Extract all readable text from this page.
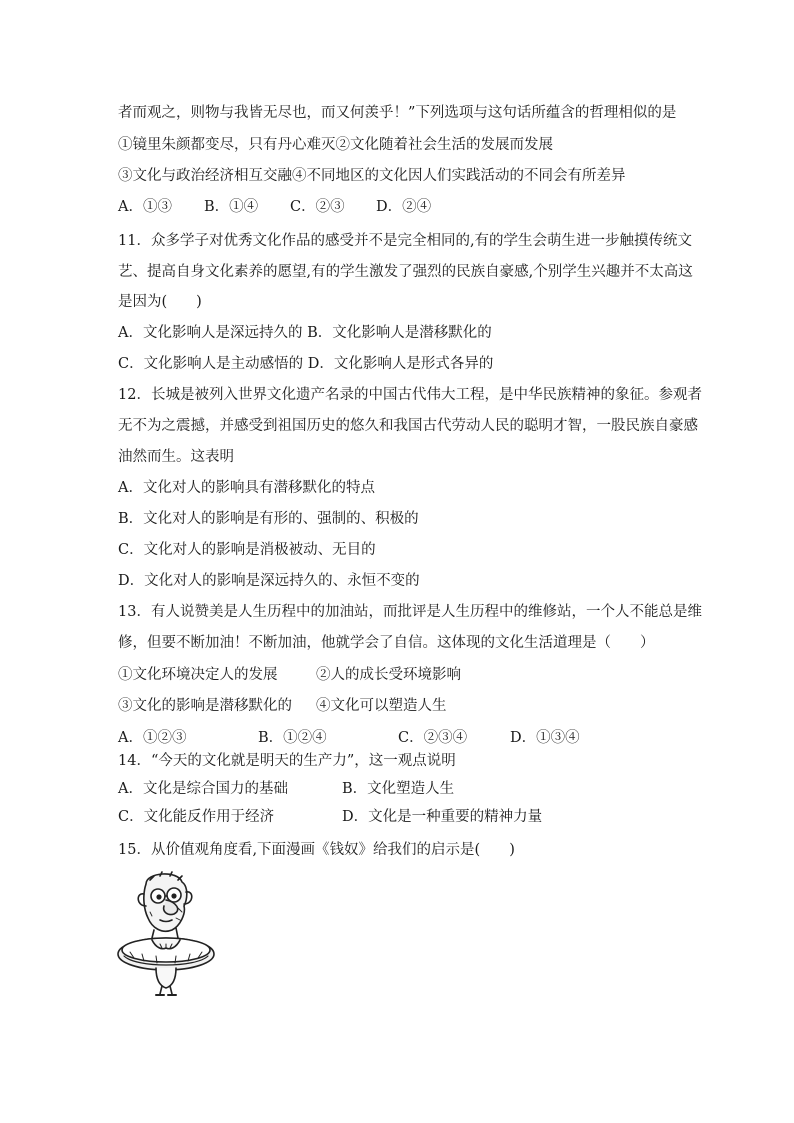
者而观之，则物与我皆无尽也，而又何羡乎！”下列选项与这句话所蕴含的哲理相似的是
①镜里朱颜都变尽，只有丹心难灭②文化随着社会生活的发展而发展
③文化与政治经济相互交融④不同地区的文化因人们实践活动的不同会有所差异
A．①③ B．①④ C．②③ D．②④
11．众多学子对优秀文化作品的感受并不是完全相同的,有的学生会萌生进一步触摸传统文
艺、提高自身文化素养的愿望,有的学生激发了强烈的民族自豪感,个别学生兴趣并不太高这
是因为(　　)
A．文化影响人是深远持久的 B．文化影响人是潜移默化的
C．文化影响人是主动感悟的 D．文化影响人是形式各异的
12．长城是被列入世界文化遗产名录的中国古代伟大工程，是中华民族精神的象征。参观者
无不为之震撼，并感受到祖国历史的悠久和我国古代劳动人民的聪明才智，一股民族自豪感
油然而生。这表明
A．文化对人的影响具有潜移默化的特点
B．文化对人的影响是有形的、强制的、积极的
C．文化对人的影响是消极被动、无目的
D．文化对人的影响是深远持久的、永恒不变的
13．有人说赞美是人生历程中的加油站，而批评是人生历程中的维修站，一个人不能总是维
修，但要不断加油！不断加油，他就学会了自信。这体现的文化生活道理是（　　）
①文化环境决定人的发展	②人的成长受环境影响
③文化的影响是潜移默化的 ④文化可以塑造人生
A．①②③	B．①②④	C．②③④	D．①③④
14．“今天的文化就是明天的生产力”，这一观点说明
A．文化是综合国力的基础	B．文化塑造人生
C．文化能反作用于经济	D．文化是一种重要的精神力量
15．从价值观角度看,下面漫画《钱奴》给我们的启示是(　　)
